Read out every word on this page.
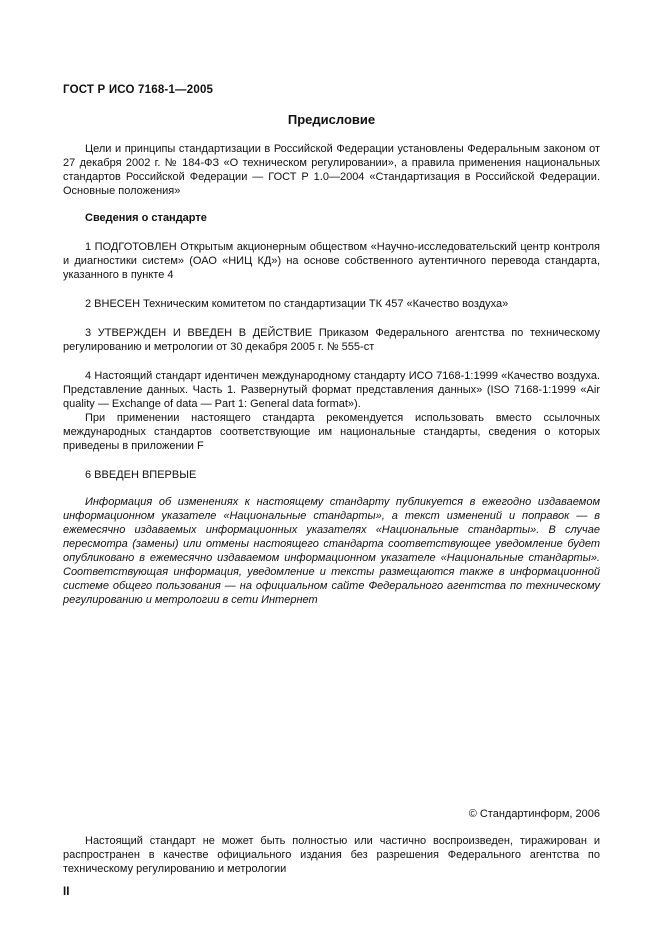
ГОСТ Р ИСО 7168-1—2005
Предисловие

Цели и принципы стандартизации в Российской Федерации установлены Федеральным законом от 27 декабря 2002 г. № 184-ФЗ «О техническом регулировании», а правила применения национальных стандартов Российской Федерации — ГОСТ Р 1.0—2004 «Стандартизация в Российской Федерации. Основные положения»

Сведения о стандарте

1 ПОДГОТОВЛЕН Открытым акционерным обществом «Научно-исследовательский центр контроля и диагностики систем» (ОАО «НИЦ КД») на основе собственного аутентичного перевода стандарта, указанного в пункте 4

2 ВНЕСЕН Техническим комитетом по стандартизации ТК 457 «Качество воздуха»

3 УТВЕРЖДЕН И ВВЕДЕН В ДЕЙСТВИЕ Приказом Федерального агентства по техническому регулированию и метрологии от 30 декабря 2005 г. № 555-ст

4 Настоящий стандарт идентичен международному стандарту ИСО 7168-1:1999 «Качество воздуха. Представление данных. Часть 1. Развернутый формат представления данных» (ISO 7168-1:1999 «Air quality — Exchange of data — Part 1: General data format»).

При применении настоящего стандарта рекомендуется использовать вместо ссылочных международных стандартов соответствующие им национальные стандарты, сведения о которых приведены в приложении F

6 ВВЕДЕН ВПЕРВЫЕ

Информация об изменениях к настоящему стандарту публикуется в ежегодно издаваемом информационном указателе «Национальные стандарты», а текст изменений и поправок — в ежемесячно издаваемых информационных указателях «Национальные стандарты». В случае пересмотра (замены) или отмены настоящего стандарта соответствующее уведомление будет опубликовано в ежемесячно издаваемом информационном указателе «Национальные стандарты». Соответствующая информация, уведомление и тексты размещаются также в информационной системе общего пользования — на официальном сайте Федерального агентства по техническому регулированию и метрологии в сети Интернет

© Стандартинформ, 2006

Настоящий стандарт не может быть полностью или частично воспроизведен, тиражирован и распространен в качестве официального издания без разрешения Федерального агентства по техническому регулированию и метрологии

II
